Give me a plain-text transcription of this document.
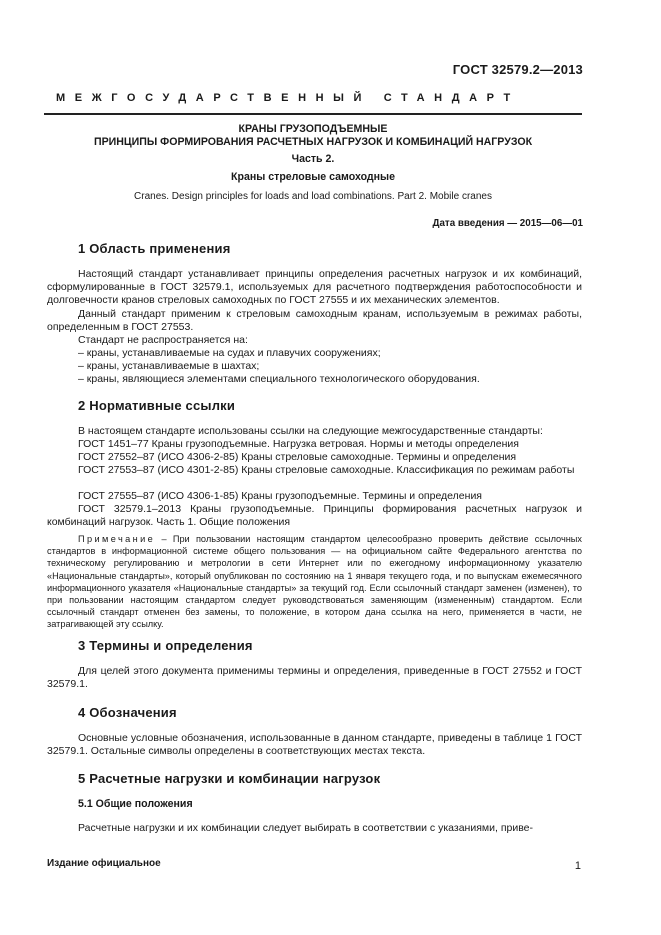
ГОСТ 32579.2—2013
МЕЖГОСУДАРСТВЕННЫЙ СТАНДАРТ
КРАНЫ ГРУЗОПОДЪЕМНЫЕ
ПРИНЦИПЫ ФОРМИРОВАНИЯ РАСЧЕТНЫХ НАГРУЗОК И КОМБИНАЦИЙ НАГРУЗОК
Часть 2.
Краны стреловые самоходные
Cranes. Design principles for loads and load combinations. Part 2. Mobile cranes
Дата введения — 2015—06—01
1 Область применения
Настоящий стандарт устанавливает принципы определения расчетных нагрузок и их комбинаций, сформулированные в ГОСТ 32579.1, используемых для расчетного подтверждения работоспособности и долговечности кранов стреловых самоходных по ГОСТ 27555 и их механических элементов.
Данный стандарт применим к стреловым самоходным кранам, используемым в режимах работы, определенным в ГОСТ 27553.
Стандарт не распространяется на:
– краны, устанавливаемые на судах и плавучих сооружениях;
– краны, устанавливаемые в шахтах;
– краны, являющиеся элементами специального технологического оборудования.
2 Нормативные ссылки
В настоящем стандарте использованы ссылки на следующие межгосударственные стандарты:
ГОСТ 1451–77 Краны грузоподъемные. Нагрузка ветровая. Нормы и методы определения
ГОСТ 27552–87 (ИСО 4306-2-85) Краны стреловые самоходные. Термины и определения
ГОСТ 27553–87 (ИСО 4301-2-85) Краны стреловые самоходные. Классификация по режимам работы
ГОСТ 27555–87 (ИСО 4306-1-85) Краны грузоподъемные. Термины и определения
ГОСТ 32579.1–2013 Краны грузоподъемные. Принципы формирования расчетных нагрузок и комбинаций нагрузок. Часть 1. Общие положения
Примечание – При пользовании настоящим стандартом целесообразно проверить действие ссылочных стандартов в информационной системе общего пользования — на официальном сайте Федерального агентства по техническому регулированию и метрологии в сети Интернет или по ежегодному информационному указателю «Национальные стандарты», который опубликован по состоянию на 1 января текущего года, и по выпускам ежемесячного информационного указателя «Национальные стандарты» за текущий год. Если ссылочный стандарт заменен (изменен), то при пользовании настоящим стандартом следует руководствоваться заменяющим (измененным) стандартом. Если ссылочный стандарт отменен без замены, то положение, в котором дана ссылка на него, применяется в части, не затрагивающей эту ссылку.
3 Термины и определения
Для целей этого документа применимы термины и определения, приведенные в ГОСТ 27552 и ГОСТ 32579.1.
4 Обозначения
Основные условные обозначения, использованные в данном стандарте, приведены в таблице 1 ГОСТ 32579.1. Остальные символы определены в соответствующих местах текста.
5 Расчетные нагрузки и комбинации нагрузок
5.1 Общие положения
Расчетные нагрузки и их комбинации следует выбирать в соответствии с указаниями, приве-
Издание официальное	1
